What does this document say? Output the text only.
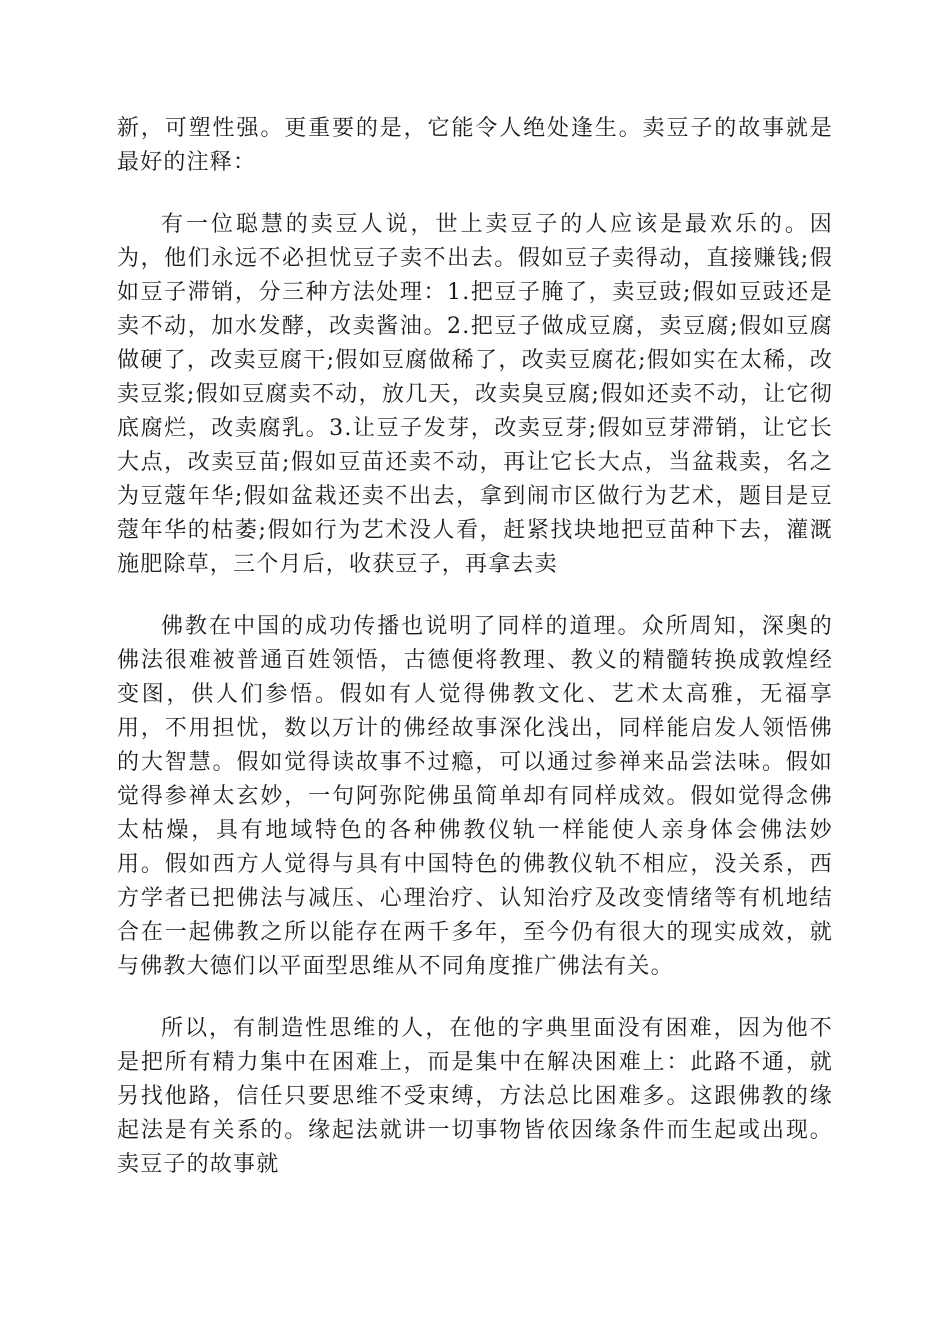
新，可塑性强。更重要的是，它能令人绝处逢生。卖豆子的故事就是最好的注释：

有一位聪慧的卖豆人说，世上卖豆子的人应该是最欢乐的。因为，他们永远不必担忧豆子卖不出去。假如豆子卖得动，直接赚钱;假如豆子滞销，分三种方法处理：1.把豆子腌了，卖豆豉;假如豆豉还是卖不动，加水发酵，改卖酱油。2.把豆子做成豆腐，卖豆腐;假如豆腐做硬了，改卖豆腐干;假如豆腐做稀了，改卖豆腐花;假如实在太稀，改卖豆浆;假如豆腐卖不动，放几天，改卖臭豆腐;假如还卖不动，让它彻底腐烂，改卖腐乳。3.让豆子发芽，改卖豆芽;假如豆芽滞销，让它长大点，改卖豆苗;假如豆苗还卖不动，再让它长大点，当盆栽卖，名之为豆蔻年华;假如盆栽还卖不出去，拿到闹市区做行为艺术，题目是豆蔻年华的枯萎;假如行为艺术没人看，赶紧找块地把豆苗种下去，灌溉施肥除草，三个月后，收获豆子，再拿去卖

佛教在中国的成功传播也说明了同样的道理。众所周知，深奥的佛法很难被普通百姓领悟，古德便将教理、教义的精髓转换成敦煌经变图，供人们参悟。假如有人觉得佛教文化、艺术太高雅，无福享用，不用担忧，数以万计的佛经故事深化浅出，同样能启发人领悟佛的大智慧。假如觉得读故事不过瘾，可以通过参禅来品尝法味。假如觉得参禅太玄妙，一句阿弥陀佛虽简单却有同样成效。假如觉得念佛太枯燥，具有地域特色的各种佛教仪轨一样能使人亲身体会佛法妙用。假如西方人觉得与具有中国特色的佛教仪轨不相应，没关系，西方学者已把佛法与减压、心理治疗、认知治疗及改变情绪等有机地结合在一起佛教之所以能存在两千多年，至今仍有很大的现实成效，就与佛教大德们以平面型思维从不同角度推广佛法有关。

所以，有制造性思维的人，在他的字典里面没有困难，因为他不是把所有精力集中在困难上，而是集中在解决困难上：此路不通，就另找他路，信任只要思维不受束缚，方法总比困难多。这跟佛教的缘起法是有关系的。缘起法就讲一切事物皆依因缘条件而生起或出现。卖豆子的故事就
